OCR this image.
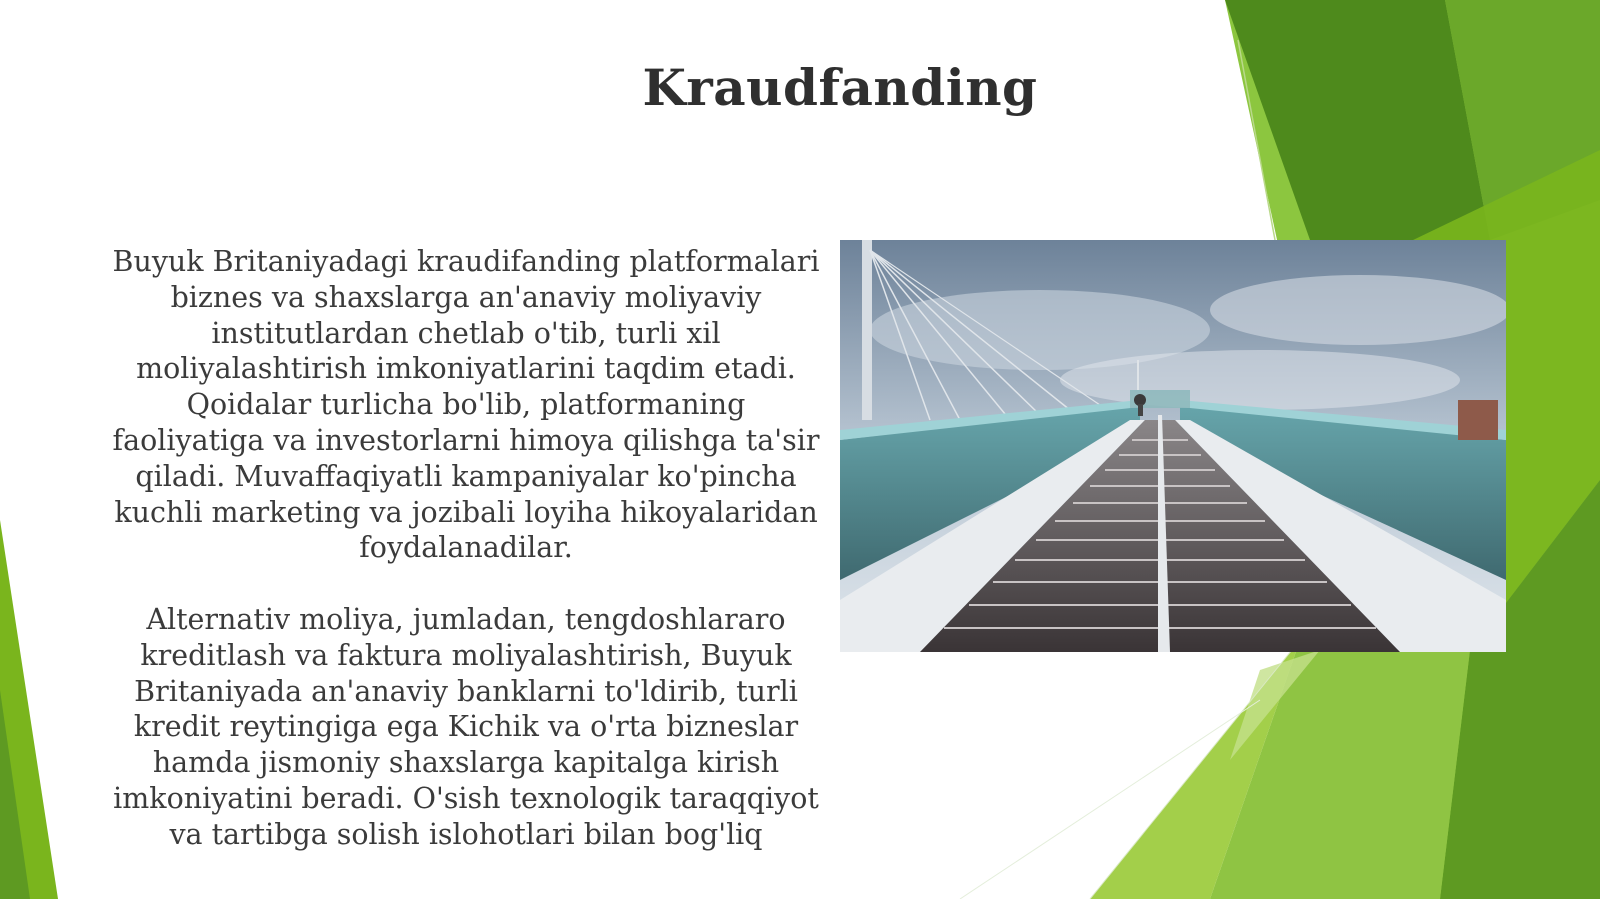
Kraudfanding

Buyuk Britaniyadagi kraudifanding platformalari biznes va shaxslarga an'anaviy moliyaviy institutlardan chetlab o'tib, turli xil moliyalashtirish imkoniyatlarini taqdim etadi. Qoidalar turlicha bo'lib, platformaning faoliyatiga va investorlarni himoya qilishga ta'sir qiladi. Muvaffaqiyatli kampaniyalar ko'pincha kuchli marketing va jozibali loyiha hikoyalaridan foydalanadilar.

Alternativ moliya, jumladan, tengdoshlararo kreditlash va faktura moliyalashtirish, Buyuk Britaniyada an'anaviy banklarni to'ldirib, turli kredit reytingiga ega Kichik va o'rta bizneslar hamda jismoniy shaxslarga kapitalga kirish imkoniyatini beradi. O'sish texnologik taraqqiyot va tartibga solish islohotlari bilan bog'liq
